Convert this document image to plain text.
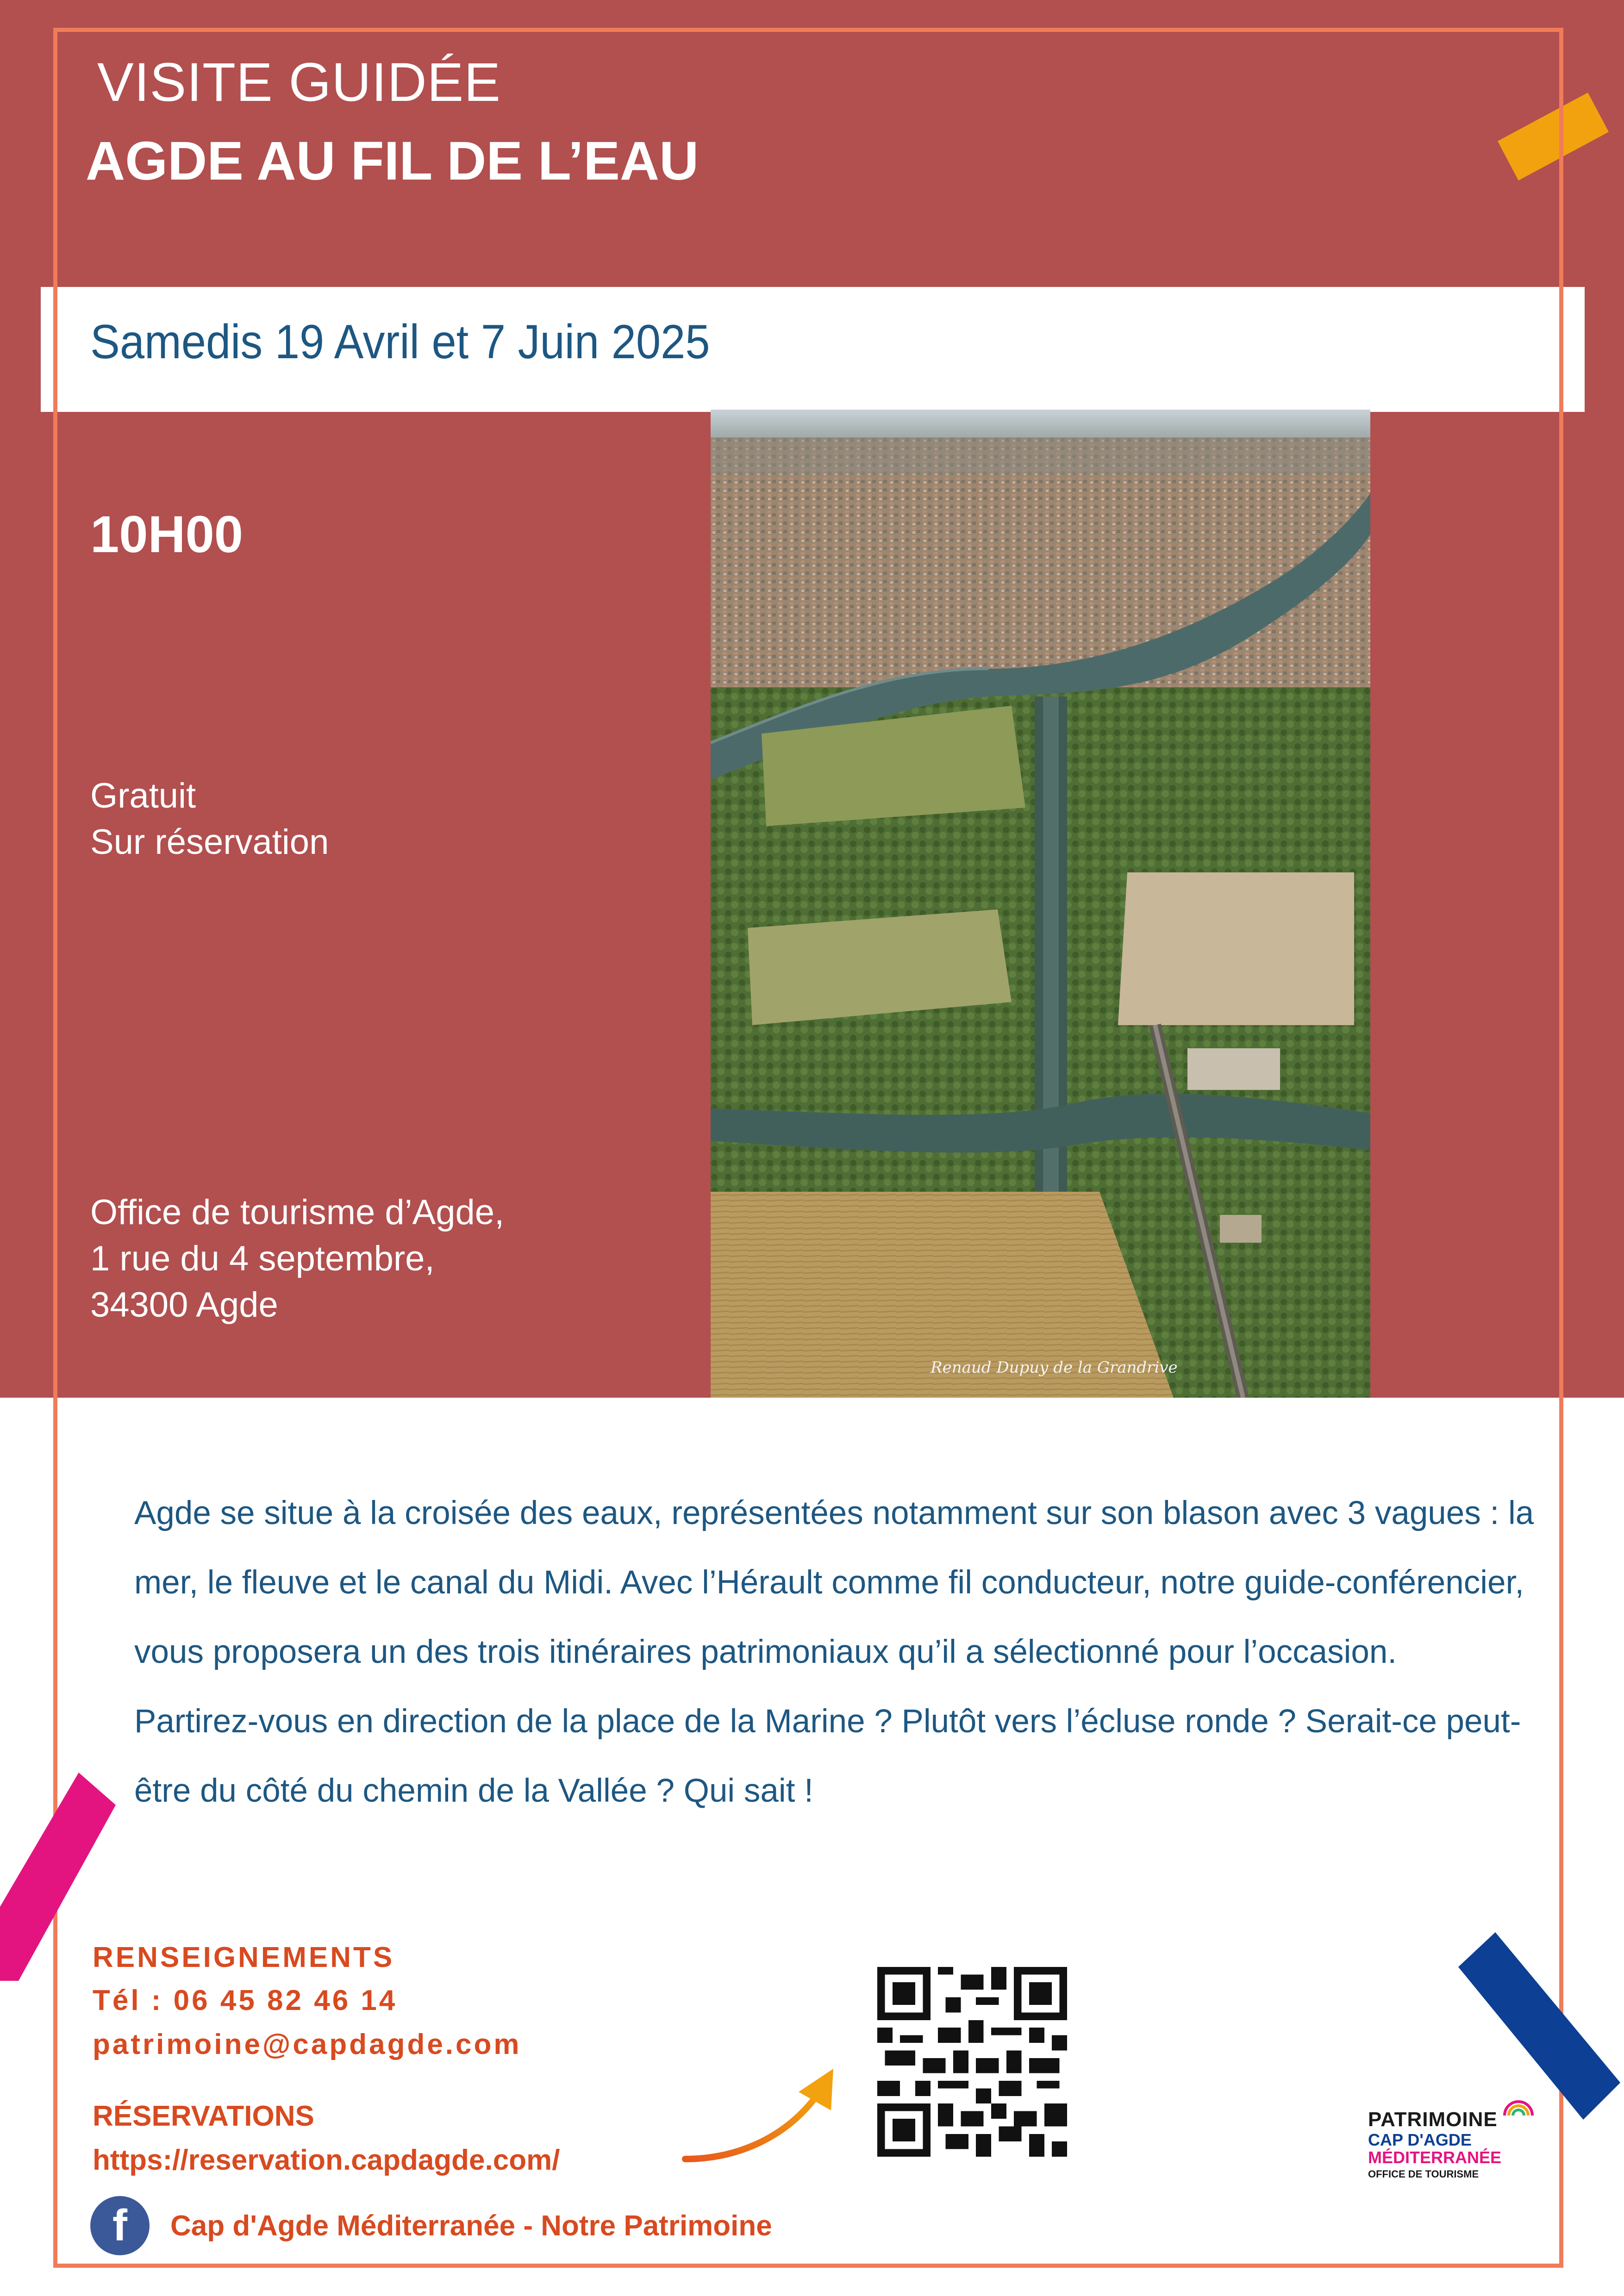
VISITE GUIDÉE
AGDE AU FIL DE L’EAU
Samedis 19 Avril et 7 Juin 2025
10H00
Gratuit
Sur réservation
Office de tourisme d’Agde,
1 rue du 4 septembre,
34300 Agde
Renaud Dupuy de la Grandrive

Agde se situe à la croisée des eaux, représentées notamment sur son blason avec 3 vagues : la mer, le fleuve et le canal du Midi. Avec l’Hérault comme fil conducteur, notre guide-conférencier, vous proposera un des trois itinéraires patrimoniaux qu’il a sélectionné pour l’occasion.

Partirez-vous en direction de la place de la Marine ? Plutôt vers l’écluse ronde ? Serait-ce peut-être du côté du chemin de la Vallée ? Qui sait !

RENSEIGNEMENTS
Tél : 06 45 82 46 14
patrimoine@capdagde.com
RÉSERVATIONS
https://reservation.capdagde.com/
f	Cap d'Agde Méditerranée - Notre Patrimoine
PATRIMOINE
CAP D'AGDE
MÉDITERRANÉE
OFFICE DE TOURISME
